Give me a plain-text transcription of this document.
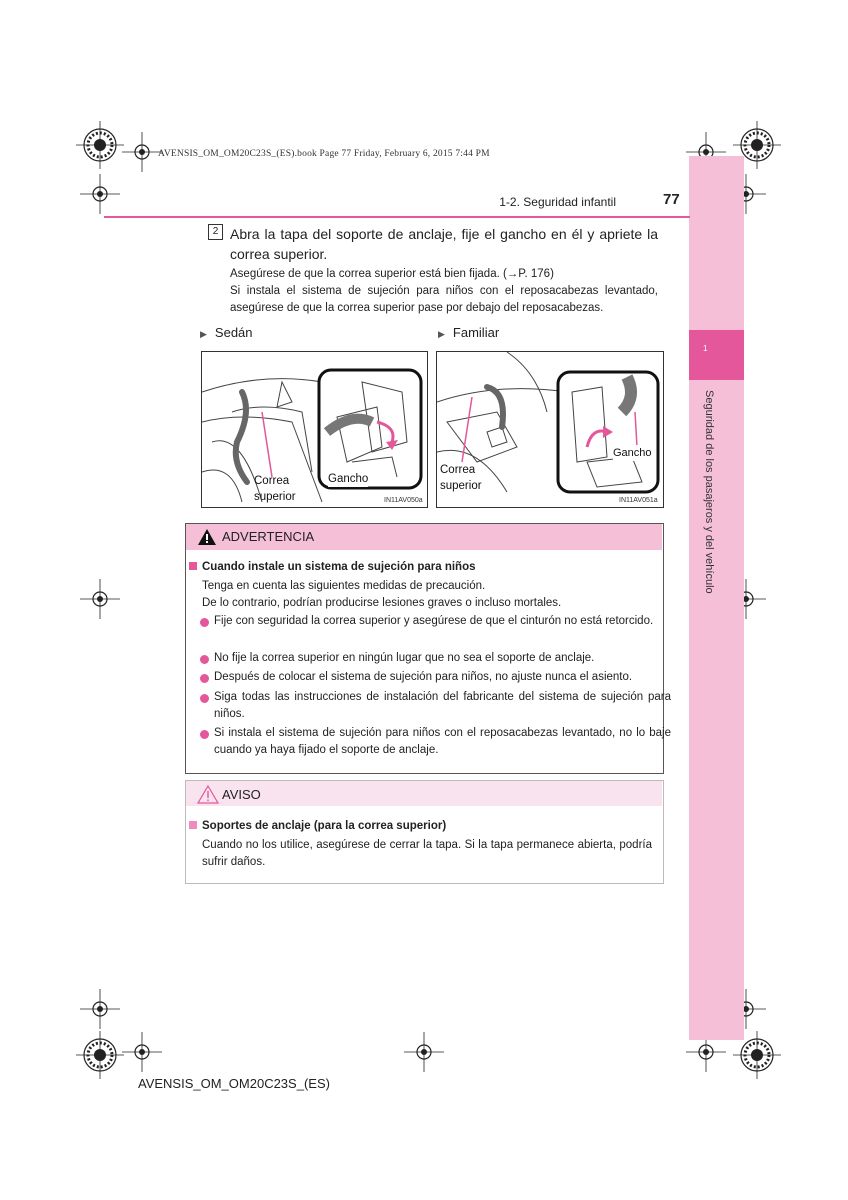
1
Seguridad de los pasajeros y del vehículo
AVENSIS_OM_OM20C23S_(ES).book Page 77 Friday, February 6, 2015 7:44 PM
1-2. Seguridad infantil	77
2 Abra la tapa del soporte de anclaje, fije el gancho en él y apriete la correa superior.
Asegúrese de que la correa superior está bien fijada. (→P. 176)
Si instala el sistema de sujeción para niños con el reposacabezas levantado, asegúrese de que la correa superior pase por debajo del reposacabezas.
▶ Sedán	▶ Familiar
Correa
superior
Gancho
IN11AV050a
Correa
superior
Gancho
IN11AV051a
ADVERTENCIA
Cuando instale un sistema de sujeción para niños
Tenga en cuenta las siguientes medidas de precaución.
De lo contrario, podrían producirse lesiones graves o incluso mortales.
Fije con seguridad la correa superior y asegúrese de que el cinturón no está retorcido.
No fije la correa superior en ningún lugar que no sea el soporte de anclaje.
Después de colocar el sistema de sujeción para niños, no ajuste nunca el asiento.
Siga todas las instrucciones de instalación del fabricante del sistema de sujeción para niños.
Si instala el sistema de sujeción para niños con el reposacabezas levantado, no lo baje cuando ya haya fijado el soporte de anclaje.
AVISO
Soportes de anclaje (para la correa superior)
Cuando no los utilice, asegúrese de cerrar la tapa. Si la tapa permanece abierta, podría sufrir daños.
AVENSIS_OM_OM20C23S_(ES)
